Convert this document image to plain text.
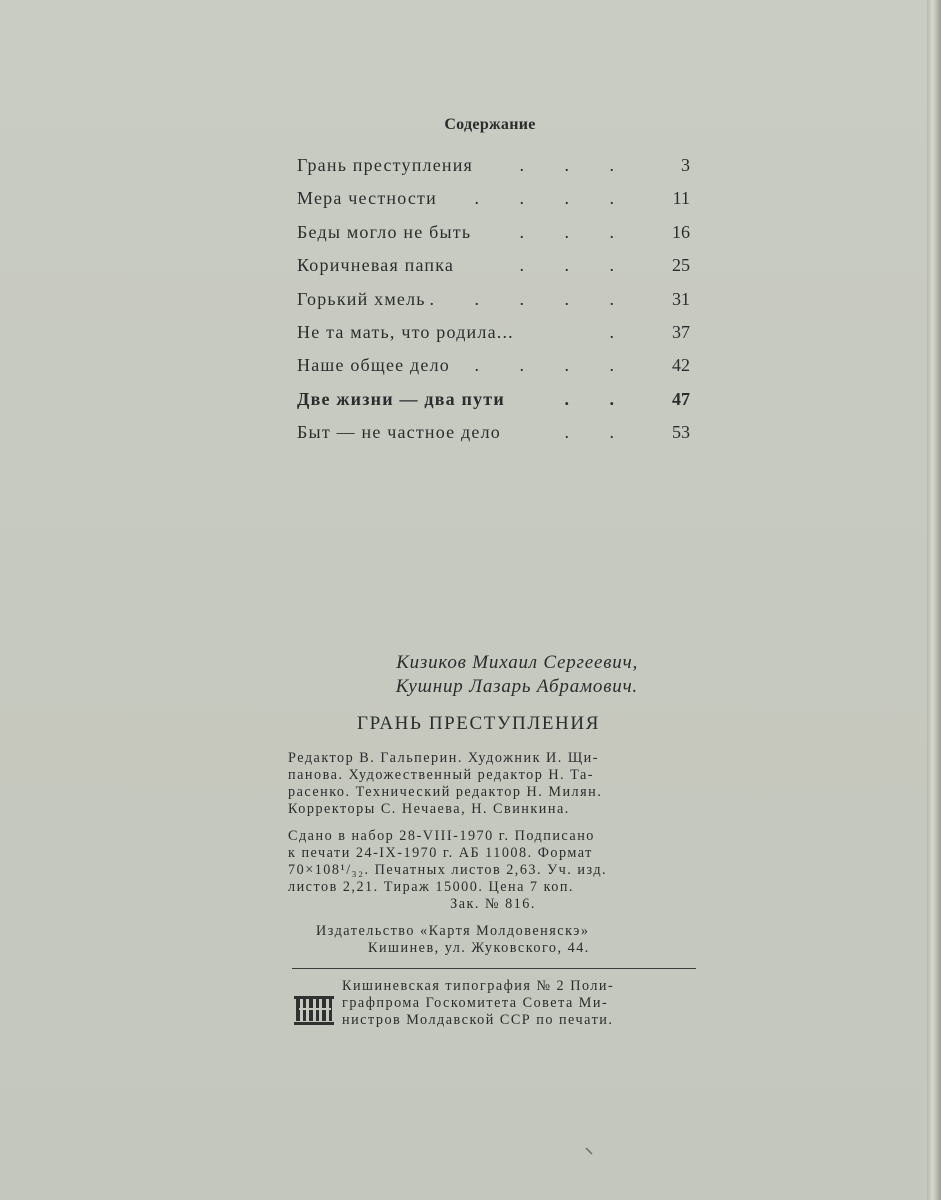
Содержание
Грань преступления	. . .	3
Мера честности . . . . 11
Беды могло не быть	. . . 16
Коричневая папка	. . . 25
Горький хмель . . . . . 31
Не та мать, что родила...	. 37
Наше общее дело . . . . 42
Две жизни — два пути	. . 47
Быт — не частное дело	. . 53
Кизиков Михаил Сергеевич,
Кушнир Лазарь Абрамович.
ГРАНЬ ПРЕСТУПЛЕНИЯ
Редактор В. Гальперин. Художник И. Щи-
панова. Художественный редактор Н. Та-
расенко. Технический редактор Н. Милян.
Корректоры С. Нечаева, Н. Свинкина.
Сдано в набор 28-VIII-1970 г. Подписано
к печати 24-IX-1970 г. АБ 11008. Формат
70×108¹/₃₂. Печатных листов 2,63. Уч. изд.
листов 2,21. Тираж 15000. Цена 7 коп.
Зак. № 816.
Издательство «Картя Молдовеняскэ»
Кишинев, ул. Жуковского, 44.
Кишиневская типография № 2 Поли-
графпрома Госкомитета Совета Ми-
нистров Молдавской ССР по печати.
